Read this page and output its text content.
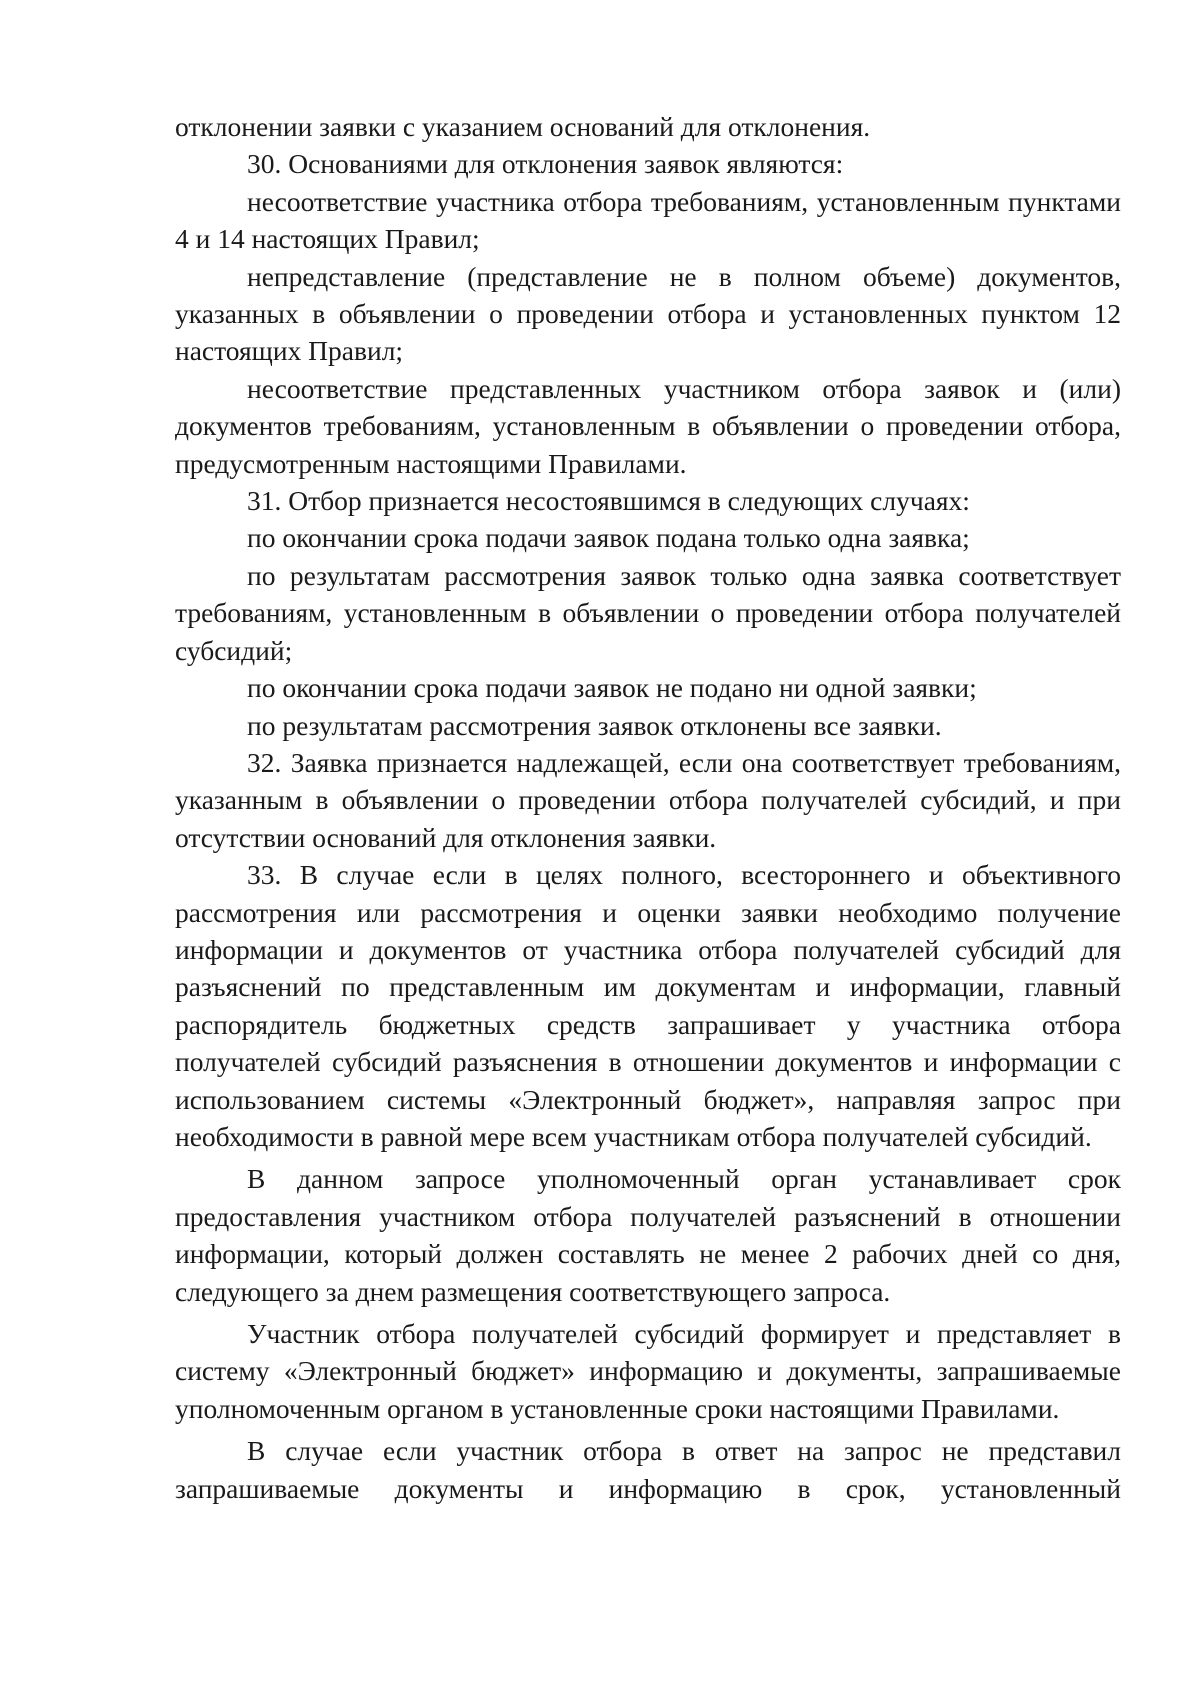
отклонении заявки с указанием оснований для отклонения.

30. Основаниями для отклонения заявок являются:

несоответствие участника отбора требованиям, установленным пунктами 4 и 14 настоящих Правил;

непредставление (представление не в полном объеме) документов, указанных в объявлении о проведении отбора и установленных пунктом 12 настоящих Правил;

несоответствие представленных участником отбора заявок и (или) документов требованиям, установленным в объявлении о проведении отбора, предусмотренным настоящими Правилами.

31. Отбор признается несостоявшимся в следующих случаях:

по окончании срока подачи заявок подана только одна заявка;

по результатам рассмотрения заявок только одна заявка соответствует требованиям, установленным в объявлении о проведении отбора получателей субсидий;

по окончании срока подачи заявок не подано ни одной заявки;

по результатам рассмотрения заявок отклонены все заявки.

32. Заявка признается надлежащей, если она соответствует требованиям, указанным в объявлении о проведении отбора получателей субсидий, и при отсутствии оснований для отклонения заявки.

33. В случае если в целях полного, всестороннего и объективного рассмотрения или рассмотрения и оценки заявки необходимо получение информации и документов от участника отбора получателей субсидий для разъяснений по представленным им документам и информации, главный распорядитель бюджетных средств запрашивает у участника отбора получателей субсидий разъяснения в отношении документов и информации с использованием системы «Электронный бюджет», направляя запрос при необходимости в равной мере всем участникам отбора получателей субсидий.

В данном запросе уполномоченный орган устанавливает срок предоставления участником отбора получателей разъяснений в отношении информации, который должен составлять не менее 2 рабочих дней со дня, следующего за днем размещения соответствующего запроса.

Участник отбора получателей субсидий формирует и представляет в систему «Электронный бюджет» информацию и документы, запрашиваемые уполномоченным органом в установленные сроки настоящими Правилами.

В случае если участник отбора в ответ на запрос не представил запрашиваемые документы и информацию в срок, установленный
